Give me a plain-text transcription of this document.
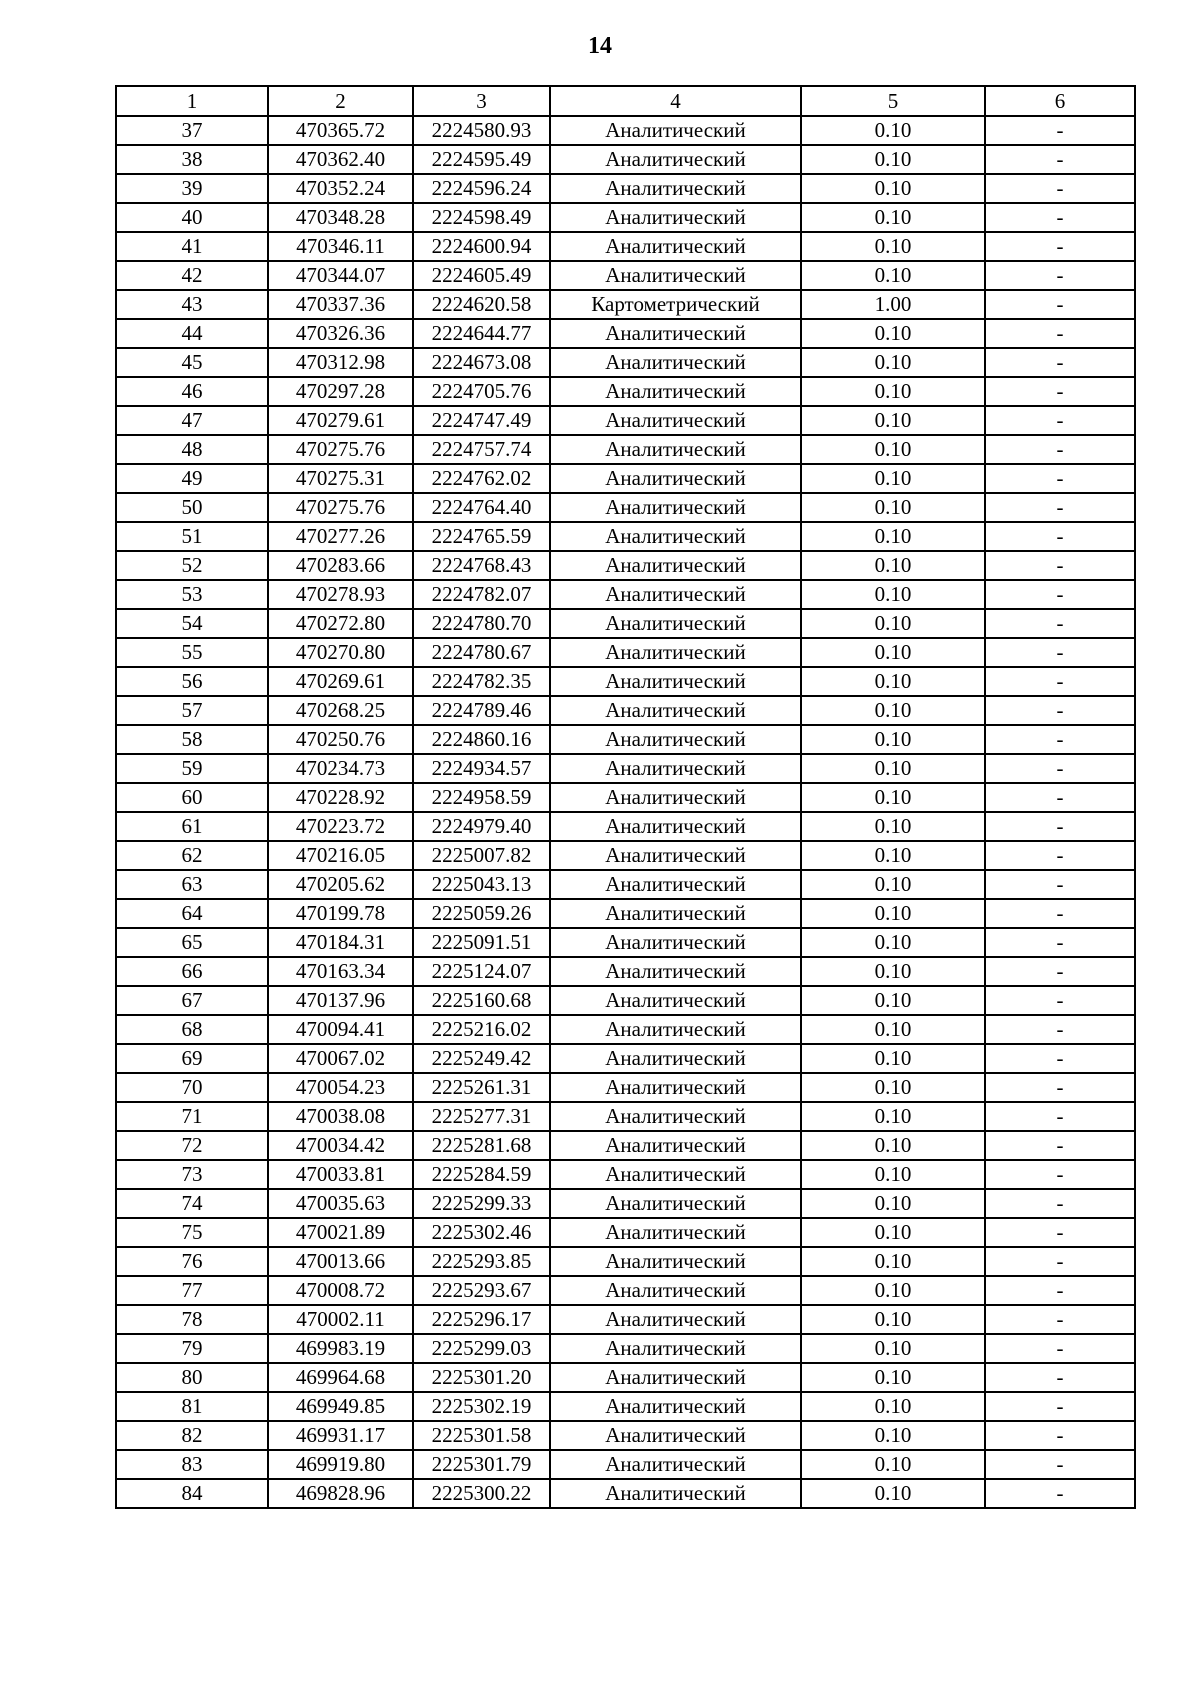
14
1	2	3	4	5	6
37	470365.72	2224580.93	Аналитический	0.10	-
38	470362.40	2224595.49	Аналитический	0.10	-
39	470352.24	2224596.24	Аналитический	0.10	-
40	470348.28	2224598.49	Аналитический	0.10	-
41	470346.11	2224600.94	Аналитический	0.10	-
42	470344.07	2224605.49	Аналитический	0.10	-
43	470337.36	2224620.58	Картометрический	1.00	-
44	470326.36	2224644.77	Аналитический	0.10	-
45	470312.98	2224673.08	Аналитический	0.10	-
46	470297.28	2224705.76	Аналитический	0.10	-
47	470279.61	2224747.49	Аналитический	0.10	-
48	470275.76	2224757.74	Аналитический	0.10	-
49	470275.31	2224762.02	Аналитический	0.10	-
50	470275.76	2224764.40	Аналитический	0.10	-
51	470277.26	2224765.59	Аналитический	0.10	-
52	470283.66	2224768.43	Аналитический	0.10	-
53	470278.93	2224782.07	Аналитический	0.10	-
54	470272.80	2224780.70	Аналитический	0.10	-
55	470270.80	2224780.67	Аналитический	0.10	-
56	470269.61	2224782.35	Аналитический	0.10	-
57	470268.25	2224789.46	Аналитический	0.10	-
58	470250.76	2224860.16	Аналитический	0.10	-
59	470234.73	2224934.57	Аналитический	0.10	-
60	470228.92	2224958.59	Аналитический	0.10	-
61	470223.72	2224979.40	Аналитический	0.10	-
62	470216.05	2225007.82	Аналитический	0.10	-
63	470205.62	2225043.13	Аналитический	0.10	-
64	470199.78	2225059.26	Аналитический	0.10	-
65	470184.31	2225091.51	Аналитический	0.10	-
66	470163.34	2225124.07	Аналитический	0.10	-
67	470137.96	2225160.68	Аналитический	0.10	-
68	470094.41	2225216.02	Аналитический	0.10	-
69	470067.02	2225249.42	Аналитический	0.10	-
70	470054.23	2225261.31	Аналитический	0.10	-
71	470038.08	2225277.31	Аналитический	0.10	-
72	470034.42	2225281.68	Аналитический	0.10	-
73	470033.81	2225284.59	Аналитический	0.10	-
74	470035.63	2225299.33	Аналитический	0.10	-
75	470021.89	2225302.46	Аналитический	0.10	-
76	470013.66	2225293.85	Аналитический	0.10	-
77	470008.72	2225293.67	Аналитический	0.10	-
78	470002.11	2225296.17	Аналитический	0.10	-
79	469983.19	2225299.03	Аналитический	0.10	-
80	469964.68	2225301.20	Аналитический	0.10	-
81	469949.85	2225302.19	Аналитический	0.10	-
82	469931.17	2225301.58	Аналитический	0.10	-
83	469919.80	2225301.79	Аналитический	0.10	-
84	469828.96	2225300.22	Аналитический	0.10	-
